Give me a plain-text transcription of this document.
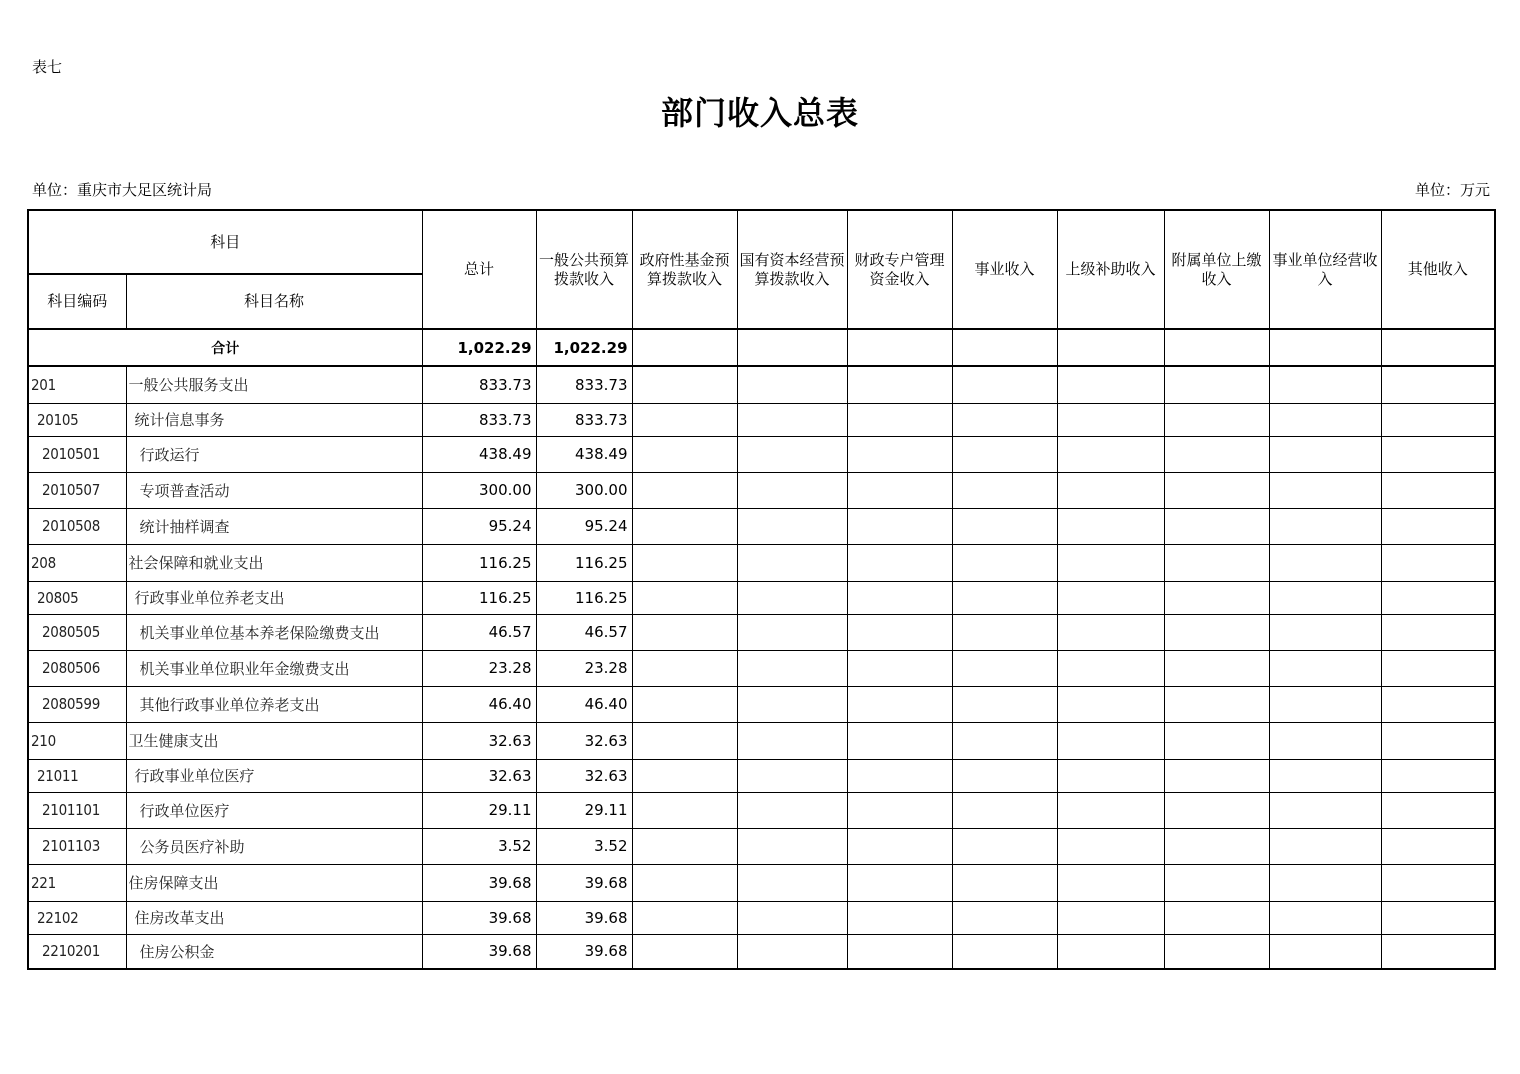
表七
部门收入总表
单位：重庆市大足区统计局	单位：万元
科目		总计	一般公共预算拨款收入	政府性基金预算拨款收入	国有资本经营预算拨款收入	财政专户管理资金收入	事业收入	上级补助收入	附属单位上缴收入	事业单位经营收入	其他收入
科目编码	科目名称										
合计		1,022.29	1,022.29								
201	一般公共服务支出	833.73	833.73								
20105	统计信息事务	833.73	833.73								
2010501	行政运行	438.49	438.49								
2010507	专项普查活动	300.00	300.00								
2010508	统计抽样调查	95.24	95.24								
208	社会保障和就业支出	116.25	116.25								
20805	行政事业单位养老支出	116.25	116.25								
2080505	机关事业单位基本养老保险缴费支出	46.57	46.57								
2080506	机关事业单位职业年金缴费支出	23.28	23.28								
2080599	其他行政事业单位养老支出	46.40	46.40								
210	卫生健康支出	32.63	32.63								
21011	行政事业单位医疗	32.63	32.63								
2101101	行政单位医疗	29.11	29.11								
2101103	公务员医疗补助	3.52	3.52								
221	住房保障支出	39.68	39.68								
22102	住房改革支出	39.68	39.68								
2210201	住房公积金	39.68	39.68								
